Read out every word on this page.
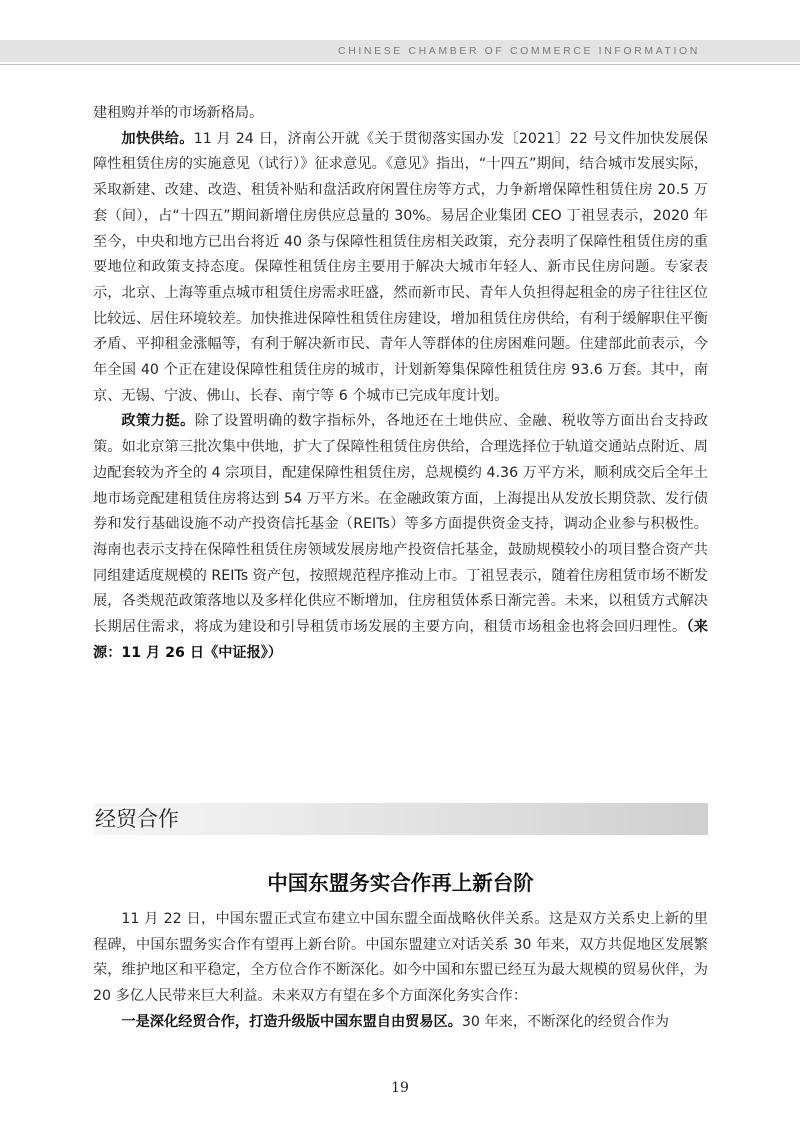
CHINESE CHAMBER OF COMMERCE INFORMATION

建租购并举的市场新格局。

加快供给。11 月 24 日，济南公开就《关于贯彻落实国办发〔2021〕22 号文件加快发展保障性租赁住房的实施意见（试行）》征求意见。《意见》指出，“十四五”期间，结合城市发展实际，采取新建、改建、改造、租赁补贴和盘活政府闲置住房等方式，力争新增保障性租赁住房 20.5 万套（间），占“十四五”期间新增住房供应总量的 30%。易居企业集团 CEO 丁祖昱表示，2020 年至今，中央和地方已出台将近 40 条与保障性租赁住房相关政策，充分表明了保障性租赁住房的重要地位和政策支持态度。保障性租赁住房主要用于解决大城市年轻人、新市民住房问题。专家表示，北京、上海等重点城市租赁住房需求旺盛，然而新市民、青年人负担得起租金的房子往往区位比较远、居住环境较差。加快推进保障性租赁住房建设，增加租赁住房供给，有利于缓解职住平衡矛盾、平抑租金涨幅等，有利于解决新市民、青年人等群体的住房困难问题。住建部此前表示，今年全国 40 个正在建设保障性租赁住房的城市，计划新筹集保障性租赁住房 93.6 万套。其中，南京、无锡、宁波、佛山、长春、南宁等 6 个城市已完成年度计划。

政策力挺。除了设置明确的数字指标外，各地还在土地供应、金融、税收等方面出台支持政策。如北京第三批次集中供地，扩大了保障性租赁住房供给，合理选择位于轨道交通站点附近、周边配套较为齐全的 4 宗项目，配建保障性租赁住房，总规模约 4.36 万平方米，顺利成交后全年土地市场竞配建租赁住房将达到 54 万平方米。在金融政策方面，上海提出从发放长期贷款、发行债券和发行基础设施不动产投资信托基金（REITs）等多方面提供资金支持，调动企业参与积极性。海南也表示支持在保障性租赁住房领域发展房地产投资信托基金，鼓励规模较小的项目整合资产共同组建适度规模的 REITs 资产包，按照规范程序推动上市。丁祖昱表示，随着住房租赁市场不断发展，各类规范政策落地以及多样化供应不断增加，住房租赁体系日渐完善。未来，以租赁方式解决长期居住需求，将成为建设和引导租赁市场发展的主要方向，租赁市场租金也将会回归理性。（来源：11 月 26 日《中证报》）

经贸合作
中国东盟务实合作再上新台阶

11 月 22 日，中国东盟正式宣布建立中国东盟全面战略伙伴关系。这是双方关系史上新的里程碑，中国东盟务实合作有望再上新台阶。中国东盟建立对话关系 30 年来，双方共促地区发展繁荣，维护地区和平稳定，全方位合作不断深化。如今中国和东盟已经互为最大规模的贸易伙伴，为 20 多亿人民带来巨大利益。未来双方有望在多个方面深化务实合作：

一是深化经贸合作，打造升级版中国东盟自由贸易区。30 年来，不断深化的经贸合作为

19
